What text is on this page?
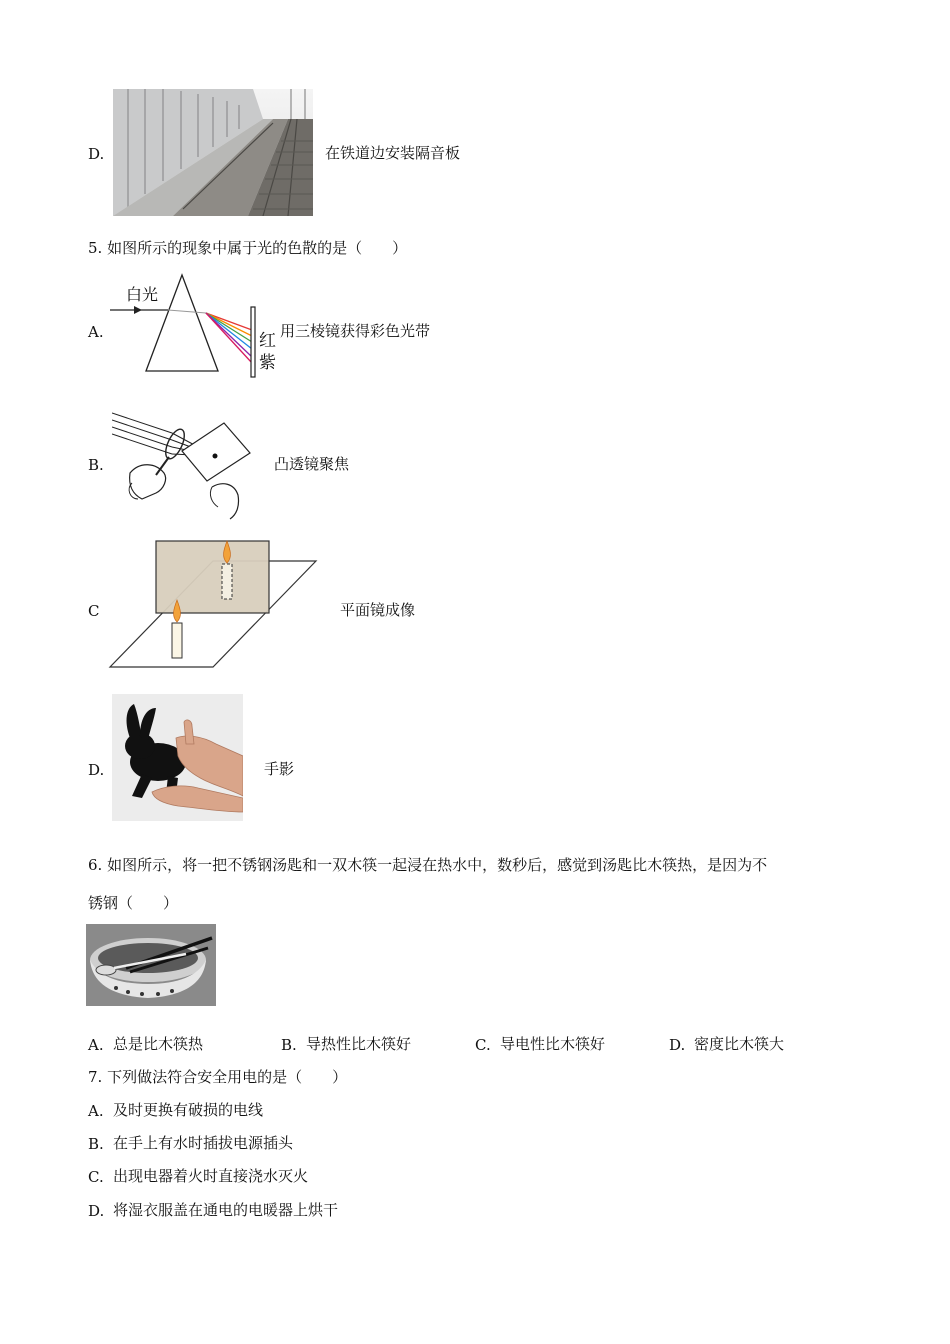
D.	在铁道边安装隔音板
5. 如图所示的现象中属于光的色散的是（　　）
A.
白光
红
紫
用三棱镜获得彩色光带
B.	凸透镜聚焦
C	平面镜成像
D.	手影
6. 如图所示，将一把不锈钢汤匙和一双木筷一起浸在热水中，数秒后，感觉到汤匙比木筷热，是因为不
锈钢（　　）
A. 总是比木筷热	B. 导热性比木筷好	C. 导电性比木筷好	D. 密度比木筷大
7. 下列做法符合安全用电的是（　　）
A. 及时更换有破损的电线
B. 在手上有水时插拔电源插头
C. 出现电器着火时直接浇水灭火
D. 将湿衣服盖在通电的电暖器上烘干
